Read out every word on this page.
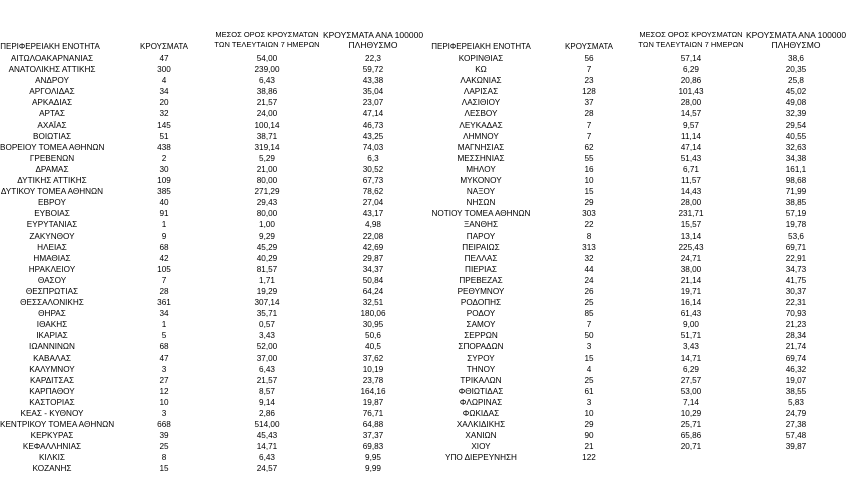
ΠΕΡΙΦΕΡΕΙΑΚΗ ΕΝΟΤΗΤΑ	ΚΡΟΥΣΜΑΤΑ
ΜΕΣΟΣ ΟΡΟΣ ΚΡΟΥΣΜΑΤΩΝ
ΤΩΝ ΤΕΛΕΥΤΑΙΩΝ 7 ΗΜΕΡΩΝ
ΚΡΟΥΣΜΑΤΑ ΑΝΑ 100000
ΠΛΗΘΥΣΜΟ	ΠΕΡΙΦΕΡΕΙΑΚΗ ΕΝΟΤΗΤΑ	ΚΡΟΥΣΜΑΤΑ
ΜΕΣΟΣ ΟΡΟΣ ΚΡΟΥΣΜΑΤΩΝ
ΤΩΝ ΤΕΛΕΥΤΑΙΩΝ 7 ΗΜΕΡΩΝ
ΚΡΟΥΣΜΑΤΑ ΑΝΑ 100000
ΠΛΗΘΥΣΜΟ
ΑΙΤΩΛΟΑΚΑΡΝΑΝΙΑΣ	47	54,00	22,3
ΑΝΑΤΟΛΙΚΗΣ ΑΤΤΙΚΗΣ	300	239,00	59,72
ΑΝΔΡΟΥ	4	6,43	43,38
ΑΡΓΟΛΙΔΑΣ	34	38,86	35,04
ΑΡΚΑΔΙΑΣ	20	21,57	23,07
ΑΡΤΑΣ	32	24,00	47,14
ΑΧΑΪΑΣ	145	100,14	46,73
ΒΟΙΩΤΙΑΣ	51	38,71	43,25
ΒΟΡΕΙΟΥ ΤΟΜΕΑ ΑΘΗΝΩΝ	438	319,14	74,03
ΓΡΕΒΕΝΩΝ	2	5,29	6,3
ΔΡΑΜΑΣ	30	21,00	30,52
ΔΥΤΙΚΗΣ ΑΤΤΙΚΗΣ	109	80,00	67,73
ΔΥΤΙΚΟΥ ΤΟΜΕΑ ΑΘΗΝΩΝ	385	271,29	78,62
ΕΒΡΟΥ	40	29,43	27,04
ΕΥΒΟΙΑΣ	91	80,00	43,17
ΕΥΡΥΤΑΝΙΑΣ	1	1,00	4,98
ΖΑΚΥΝΘΟΥ	9	9,29	22,08
ΗΛΕΙΑΣ	68	45,29	42,69
ΗΜΑΘΙΑΣ	42	40,29	29,87
ΗΡΑΚΛΕΙΟΥ	105	81,57	34,37
ΘΑΣΟΥ	7	1,71	50,84
ΘΕΣΠΡΩΤΙΑΣ	28	19,29	64,24
ΘΕΣΣΑΛΟΝΙΚΗΣ	361	307,14	32,51
ΘΗΡΑΣ	34	35,71	180,06
ΙΘΑΚΗΣ	1	0,57	30,95
ΙΚΑΡΙΑΣ	5	3,43	50,6
ΙΩΑΝΝΙΝΩΝ	68	52,00	40,5
ΚΑΒΑΛΑΣ	47	37,00	37,62
ΚΑΛΥΜΝΟΥ	3	6,43	10,19
ΚΑΡΔΙΤΣΑΣ	27	21,57	23,78
ΚΑΡΠΑΘΟΥ	12	8,57	164,16
ΚΑΣΤΟΡΙΑΣ	10	9,14	19,87
ΚΕΑΣ - ΚΥΘΝΟΥ	3	2,86	76,71
ΚΕΝΤΡΙΚΟΥ ΤΟΜΕΑ ΑΘΗΝΩΝ	668	514,00	64,88
ΚΕΡΚΥΡΑΣ	39	45,43	37,37
ΚΕΦΑΛΛΗΝΙΑΣ	25	14,71	69,83
ΚΙΛΚΙΣ	8	6,43	9,95
ΚΟΖΑΝΗΣ	15	24,57	9,99
ΚΟΡΙΝΘΙΑΣ	56	57,14	38,6
ΚΩ	7	6,29	20,35
ΛΑΚΩΝΙΑΣ	23	20,86	25,8
ΛΑΡΙΣΑΣ	128	101,43	45,02
ΛΑΣΙΘΙΟΥ	37	28,00	49,08
ΛΕΣΒΟΥ	28	14,57	32,39
ΛΕΥΚΑΔΑΣ	7	9,57	29,54
ΛΗΜΝΟΥ	7	11,14	40,55
ΜΑΓΝΗΣΙΑΣ	62	47,14	32,63
ΜΕΣΣΗΝΙΑΣ	55	51,43	34,38
ΜΗΛΟΥ	16	6,71	161,1
ΜΥΚΟΝΟΥ	10	11,57	98,68
ΝΑΞΟΥ	15	14,43	71,99
ΝΗΣΩΝ	29	28,00	38,85
ΝΟΤΙΟΥ ΤΟΜΕΑ ΑΘΗΝΩΝ	303	231,71	57,19
ΞΑΝΘΗΣ	22	15,57	19,78
ΠΑΡΟΥ	8	13,14	53,6
ΠΕΙΡΑΙΩΣ	313	225,43	69,71
ΠΕΛΛΑΣ	32	24,71	22,91
ΠΙΕΡΙΑΣ	44	38,00	34,73
ΠΡΕΒΕΖΑΣ	24	21,14	41,75
ΡΕΘΥΜΝΟΥ	26	19,71	30,37
ΡΟΔΟΠΗΣ	25	16,14	22,31
ΡΟΔΟΥ	85	61,43	70,93
ΣΑΜΟΥ	7	9,00	21,23
ΣΕΡΡΩΝ	50	51,71	28,34
ΣΠΟΡΑΔΩΝ	3	3,43	21,74
ΣΥΡΟΥ	15	14,71	69,74
ΤΗΝΟΥ	4	6,29	46,32
ΤΡΙΚΑΛΩΝ	25	27,57	19,07
ΦΘΙΩΤΙΔΑΣ	61	53,00	38,55
ΦΛΩΡΙΝΑΣ	3	7,14	5,83
ΦΩΚΙΔΑΣ	10	10,29	24,79
ΧΑΛΚΙΔΙΚΗΣ	29	25,71	27,38
ΧΑΝΙΩΝ	90	65,86	57,48
ΧΙΟΥ	21	20,71	39,87
ΥΠΟ ΔΙΕΡΕΥΝΗΣΗ	122
